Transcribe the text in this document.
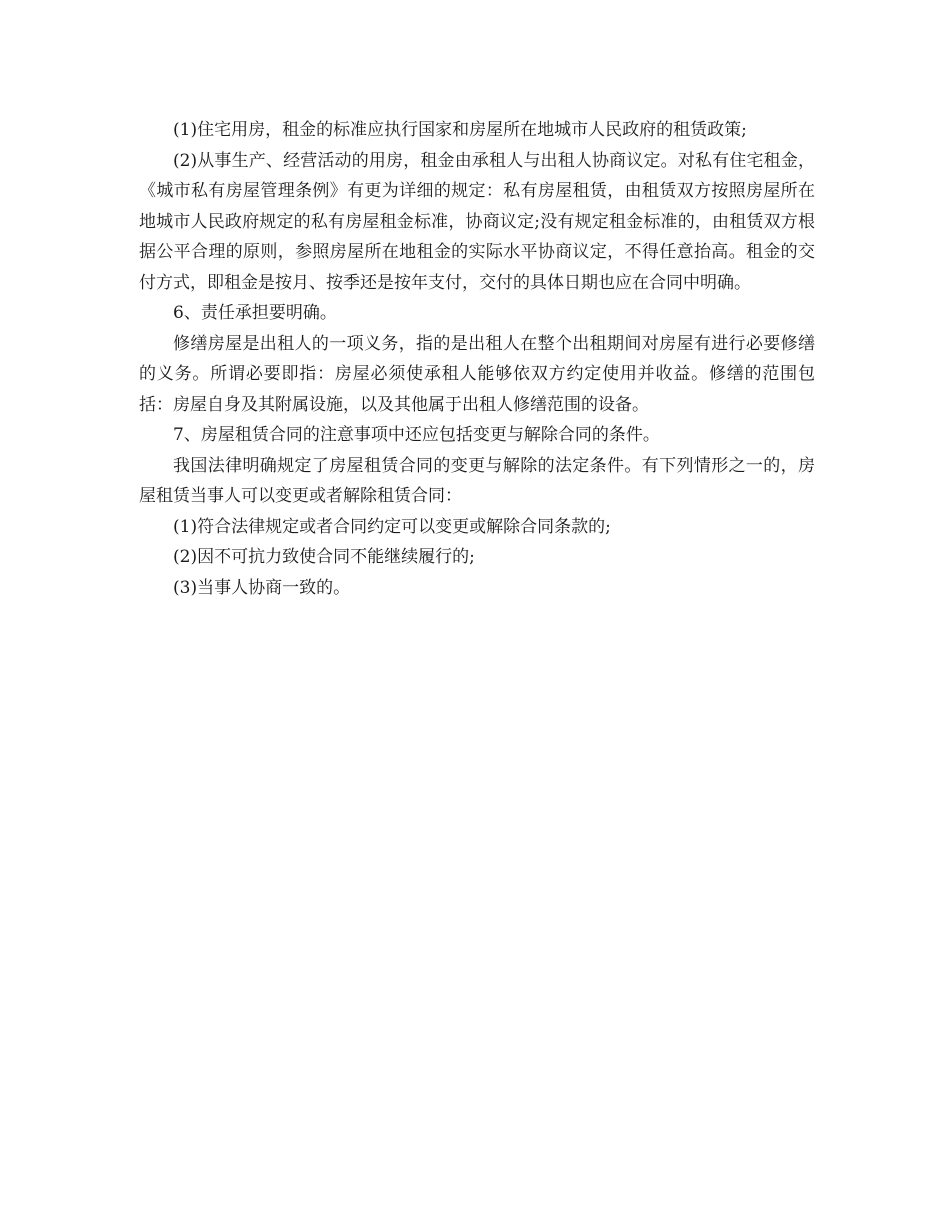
(1)住宅用房，租金的标准应执行国家和房屋所在地城市人民政府的租赁政策;

(2)从事生产、经营活动的用房，租金由承租人与出租人协商议定。对私有住宅租金，《城市私有房屋管理条例》有更为详细的规定：私有房屋租赁，由租赁双方按照房屋所在地城市人民政府规定的私有房屋租金标准，协商议定;没有规定租金标准的，由租赁双方根据公平合理的原则，参照房屋所在地租金的实际水平协商议定，不得任意抬高。租金的交付方式，即租金是按月、按季还是按年支付，交付的具体日期也应在合同中明确。

6、责任承担要明确。

修缮房屋是出租人的一项义务，指的是出租人在整个出租期间对房屋有进行必要修缮的义务。所谓必要即指：房屋必须使承租人能够依双方约定使用并收益。修缮的范围包括：房屋自身及其附属设施，以及其他属于出租人修缮范围的设备。

7、房屋租赁合同的注意事项中还应包括变更与解除合同的条件。

我国法律明确规定了房屋租赁合同的变更与解除的法定条件。有下列情形之一的，房屋租赁当事人可以变更或者解除租赁合同：

(1)符合法律规定或者合同约定可以变更或解除合同条款的;

(2)因不可抗力致使合同不能继续履行的;

(3)当事人协商一致的。
